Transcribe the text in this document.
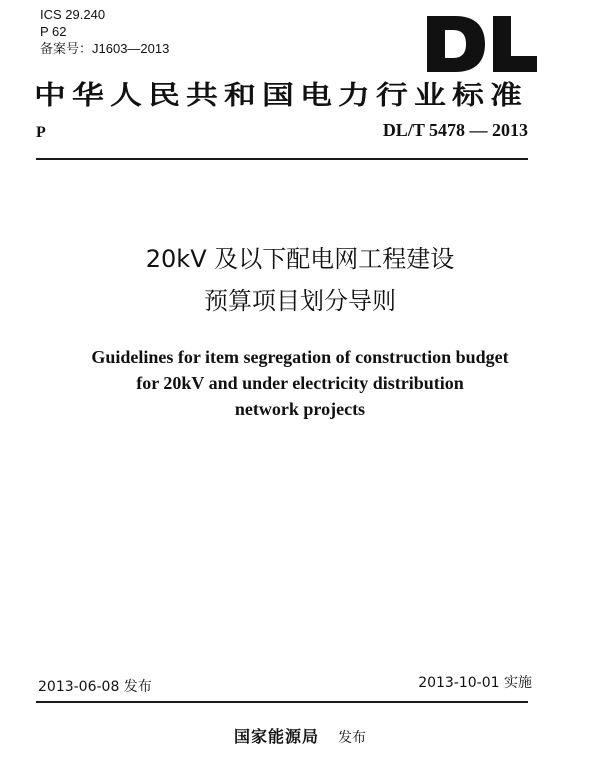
ICS 29.240
P 62
备案号：J1603—2013
中华人民共和国电力行业标准
P	DL/T 5478 — 2013
20kV 及以下配电网工程建设
预算项目划分导则
Guidelines for item segregation of construction budget
for 20kV and under electricity distribution
network projects
2013-06-08 发布	2013-10-01 实施
国家能源局 发布
